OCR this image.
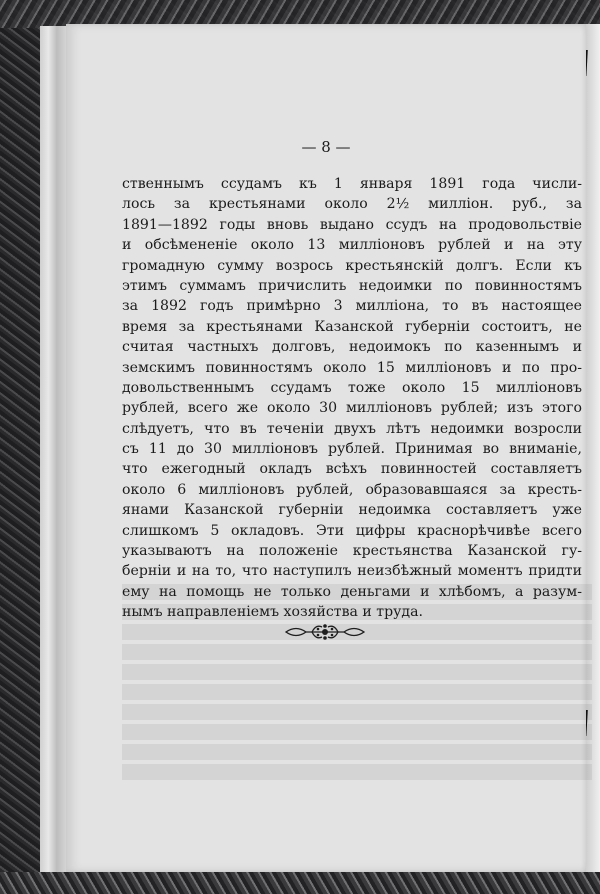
— 8 —
ственнымъ ссудамъ къ 1 января 1891 года числи-
лось за крестьянами около 2½ миллiон. руб., за
1891—1892 годы вновь выдано ссудъ на продовольствiе
и обсѣмененiе около 13 миллiоновъ рублей и на эту
громадную сумму возрось крестьянскiй долгъ. Если къ
этимъ суммамъ причислить недоимки по повинностямъ
за 1892 годъ примѣрно 3 миллiона, то въ настоящее
время за крестьянами Казанской губернiи состоитъ, не
считая частныхъ долговъ, недоимокъ по казеннымъ и
земскимъ повинностямъ около 15 миллiоновъ и по про-
довольственнымъ ссудамъ тоже около 15 миллiоновъ
рублей, всего же около 30 миллiоновъ рублей; изъ этого
слѣдуетъ, что въ теченiи двухъ лѣтъ недоимки возросли
съ 11 до 30 миллiоновъ рублей. Принимая во вниманiе,
что ежегодный окладъ всѣхъ повинностей составляетъ
около 6 миллiоновъ рублей, образовавшаяся за кресть-
янами Казанской губернiи недоимка составляетъ уже
слишкомъ 5 окладовъ. Эти цифры краснорѣчивѣе всего
указываютъ на положенiе крестьянства Казанской гу-
бернiи и на то, что наступилъ неизбѣжный моментъ придти
ему на помощь не только деньгами и хлѣбомъ, а разум-
нымъ направленiемъ хозяйства и труда.
